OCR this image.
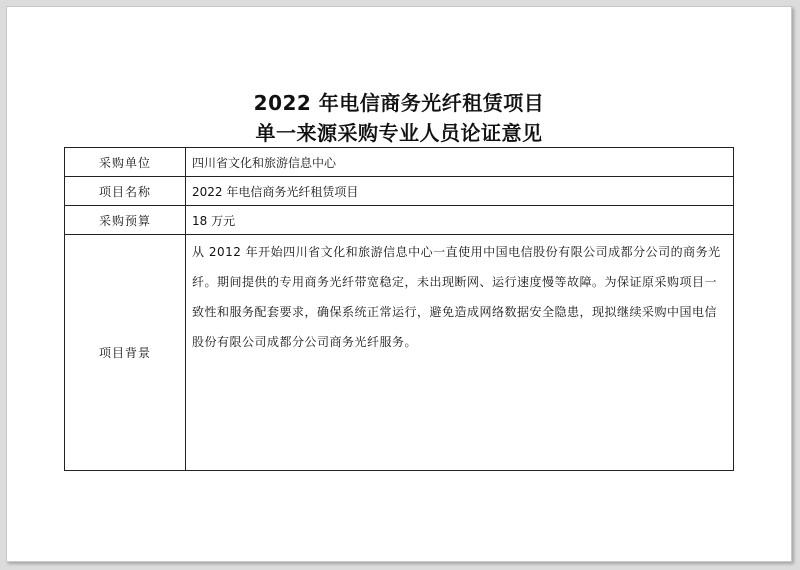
2022 年电信商务光纤租赁项目
单一来源采购专业人员论证意见
采购单位	四川省文化和旅游信息中心
项目名称	2022 年电信商务光纤租赁项目
采购预算	18 万元
项目背景	从 2012 年开始四川省文化和旅游信息中心一直使用中国电信股份有限公司成都分公司的商务光纤。期间提供的专用商务光纤带宽稳定，未出现断网、运行速度慢等故障。为保证原采购项目一致性和服务配套要求，确保系统正常运行，避免造成网络数据安全隐患，现拟继续采购中国电信股份有限公司成都分公司商务光纤服务。
